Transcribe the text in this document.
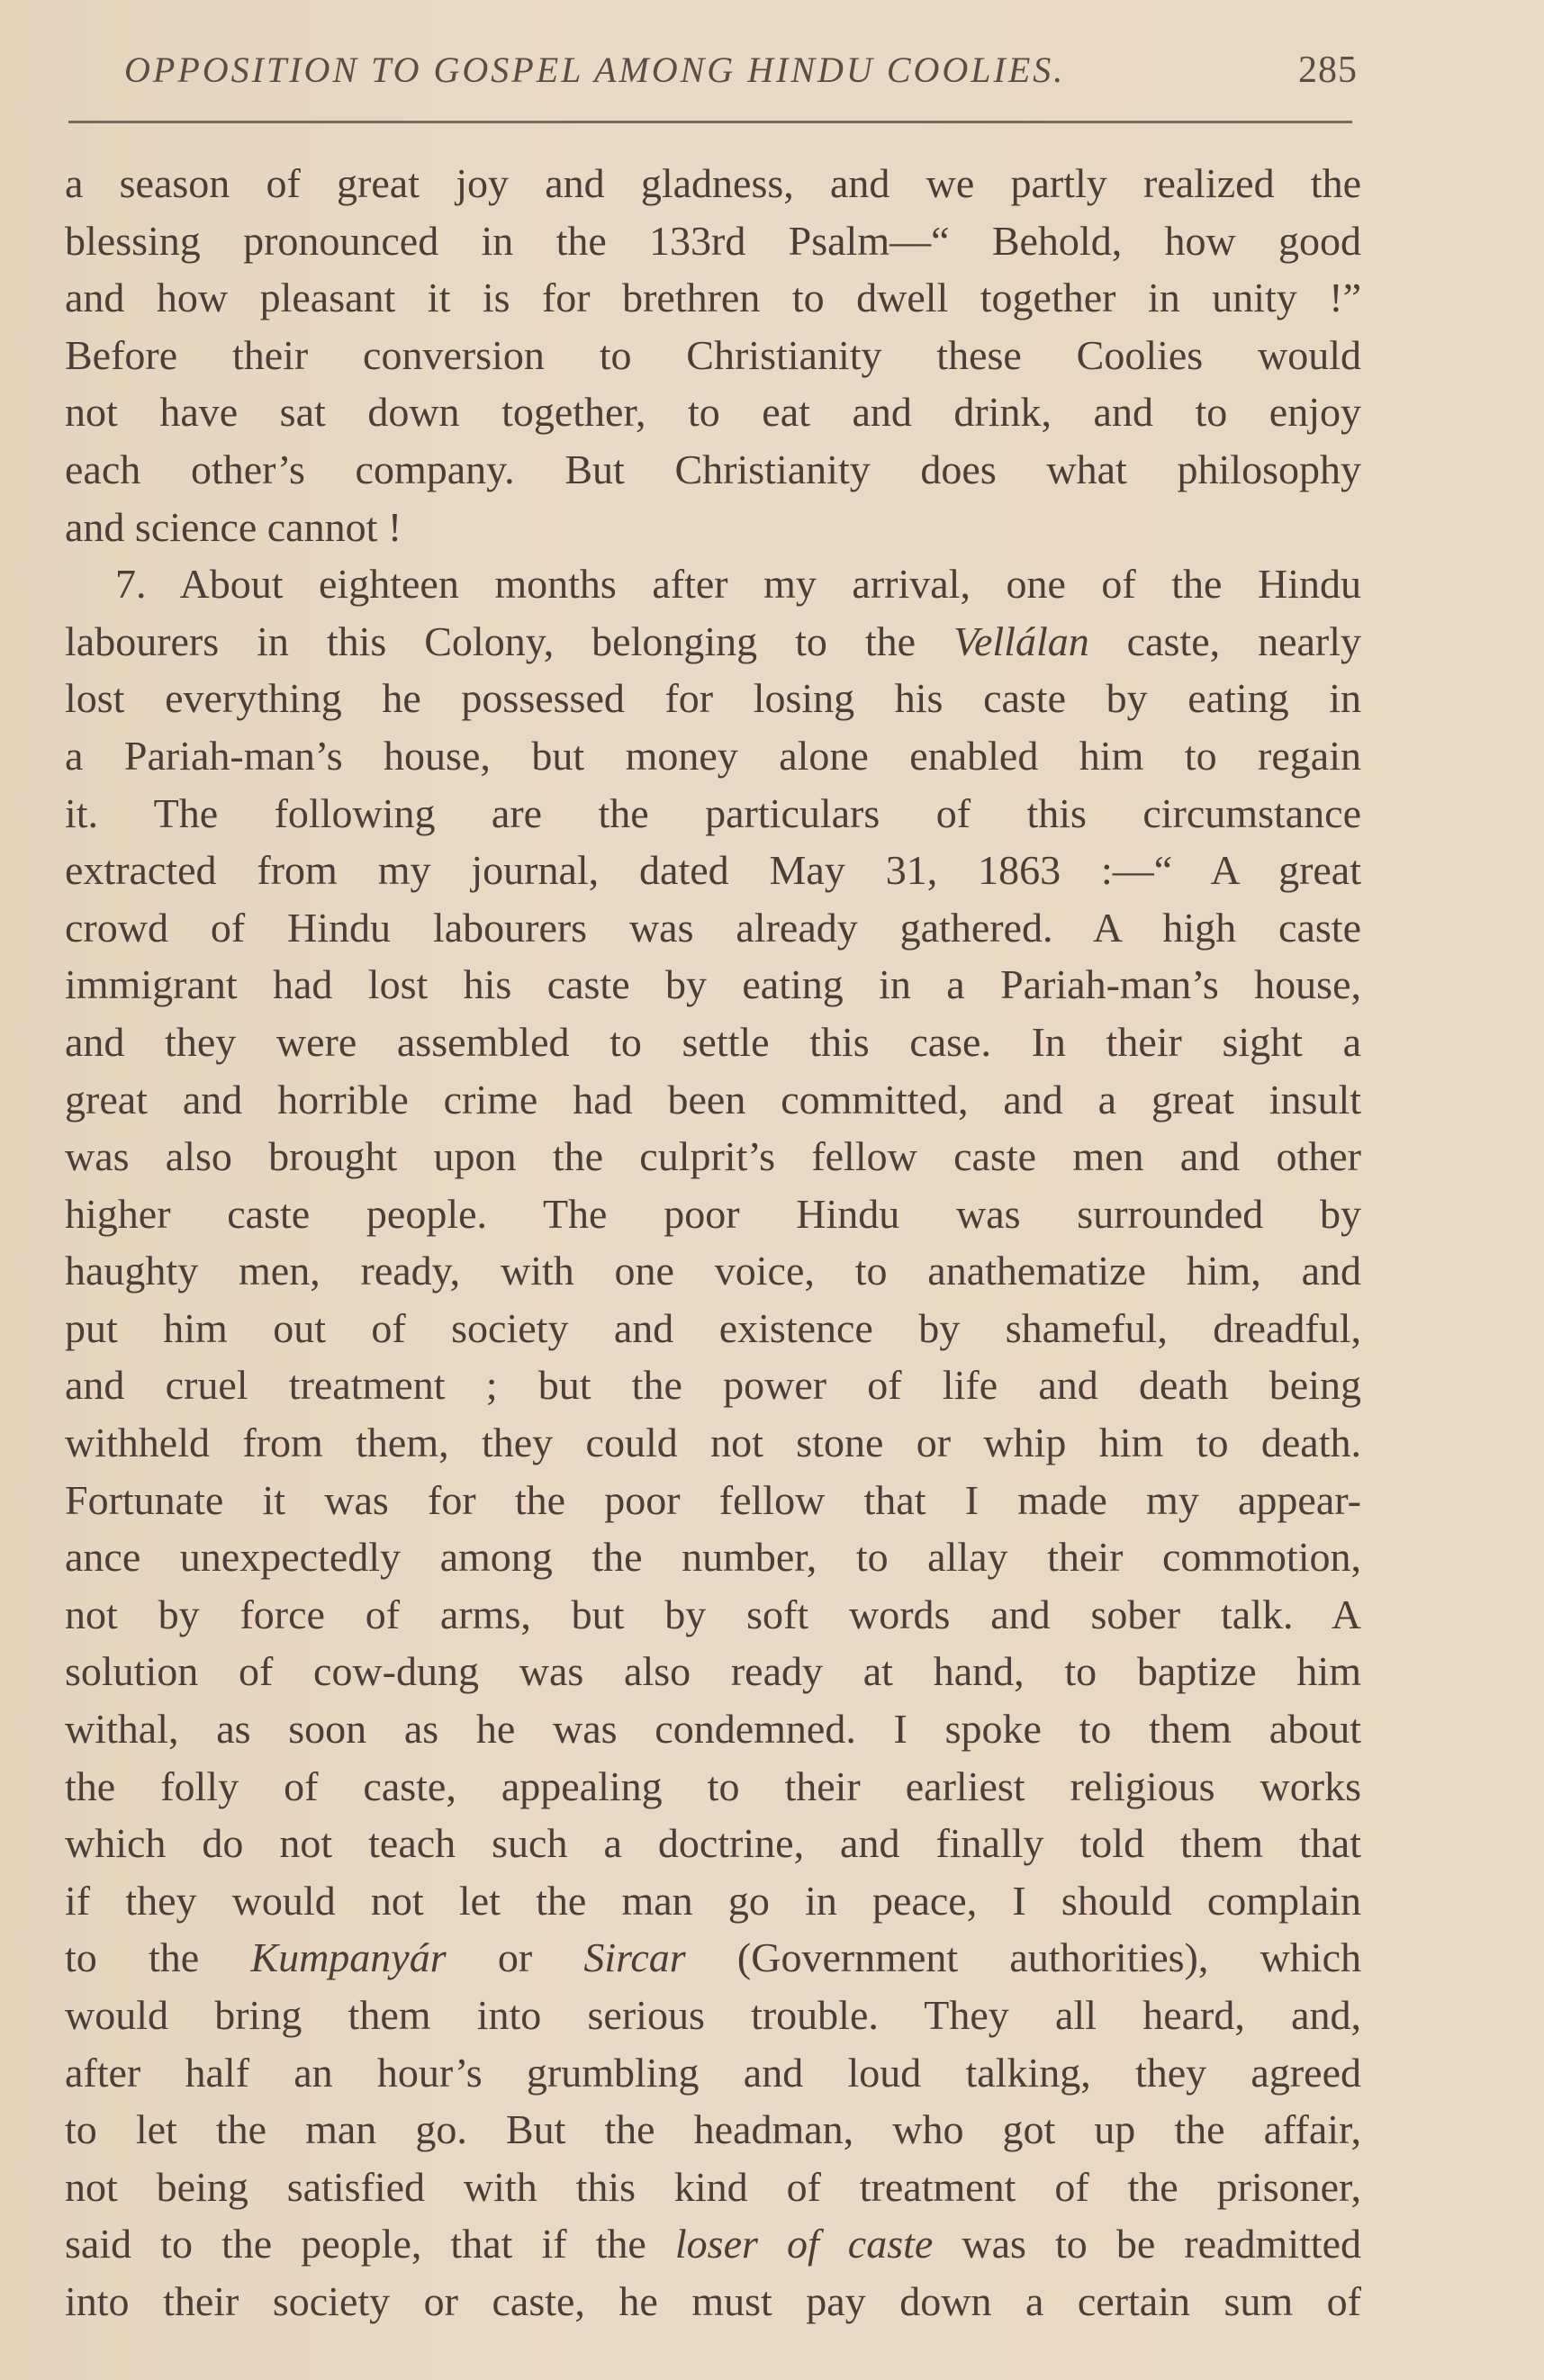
OPPOSITION TO GOSPEL AMONG HINDU COOLIES.	285
a season of great joy and gladness, and we partly realized the
blessing pronounced in the 133rd Psalm—“ Behold, how good
and how pleasant it is for brethren to dwell together in unity !”
Before their conversion to Christianity these Coolies would
not have sat down together, to eat and drink, and to enjoy
each other’s company. But Christianity does what philosophy
and science cannot !
7. About eighteen months after my arrival, one of the Hindu
labourers in this Colony, belonging to the Vellálan caste, nearly
lost everything he possessed for losing his caste by eating in
a Pariah-man’s house, but money alone enabled him to regain
it. The following are the particulars of this circumstance
extracted from my journal, dated May 31, 1863 :—“ A great
crowd of Hindu labourers was already gathered. A high caste
immigrant had lost his caste by eating in a Pariah-man’s house,
and they were assembled to settle this case. In their sight a
great and horrible crime had been committed, and a great insult
was also brought upon the culprit’s fellow caste men and other
higher caste people. The poor Hindu was surrounded by
haughty men, ready, with one voice, to anathematize him, and
put him out of society and existence by shameful, dreadful,
and cruel treatment ; but the power of life and death being
withheld from them, they could not stone or whip him to death.
Fortunate it was for the poor fellow that I made my appear-
ance unexpectedly among the number, to allay their commotion,
not by force of arms, but by soft words and sober talk. A
solution of cow-dung was also ready at hand, to baptize him
withal, as soon as he was condemned. I spoke to them about
the folly of caste, appealing to their earliest religious works
which do not teach such a doctrine, and finally told them that
if they would not let the man go in peace, I should complain
to the Kumpanyár or Sircar (Government authorities), which
would bring them into serious trouble. They all heard, and,
after half an hour’s grumbling and loud talking, they agreed
to let the man go. But the headman, who got up the affair,
not being satisfied with this kind of treatment of the prisoner,
said to the people, that if the loser of caste was to be readmitted
into their society or caste, he must pay down a certain sum of
